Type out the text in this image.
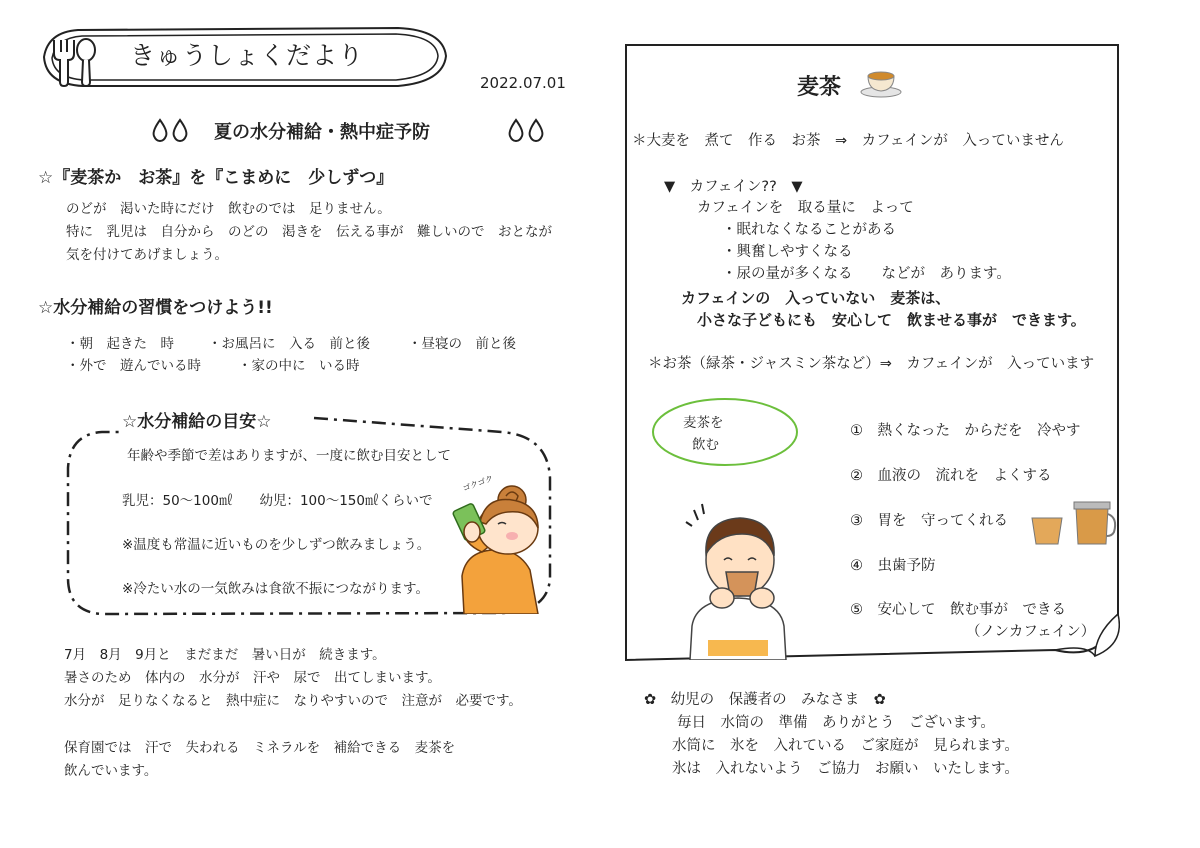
きゅうしょくだより
2022.07.01
夏の水分補給・熱中症予防
☆『麦茶か　お茶』を『こまめに　少しずつ』
のどが　渇いた時にだけ　飲むのでは　足りません。
特に　乳児は　自分から　のどの　渇きを　伝える事が　難しいので　おとなが
気を付けてあげましょう。
☆水分補給の習慣をつけよう!!
・朝　起きた　時	・お風呂に　入る　前と後	・昼寝の　前と後
・外で　遊んでいる時	・家の中に　いる時
☆水分補給の目安☆
年齢や季節で差はありますが、一度に飲む目安として
乳児：50～100㎖　　幼児：100～150㎖くらいで
※温度も常温に近いものを少しずつ飲みましょう。
※冷たい水の一気飲みは食欲不振につながります。
ゴクゴク
7月　8月　9月と　まだまだ　暑い日が　続きます。
暑さのため　体内の　水分が　汗や　尿で　出てしまいます。
水分が　足りなくなると　熱中症に　なりやすいので　注意が　必要です。
保育園では　汗で　失われる　ミネラルを　補給できる　麦茶を
飲んでいます。
麦茶
＊大麦を　煮て　作る　お茶　⇒　カフェインが　入っていません
▼　カフェイン??　▼
カフェインを　取る量に　よって
・眠れなくなることがある
・興奮しやすくなる
・尿の量が多くなる　　などが　あります。
カフェインの　入っていない　麦茶は、
小さな子どもにも　安心して　飲ませる事が　できます。
＊お茶（緑茶・ジャスミン茶など）⇒　カフェインが　入っています
麦茶を
飲む
①　熱くなった　からだを　冷やす
②　血液の　流れを　よくする
③　胃を　守ってくれる
④　虫歯予防
⑤　安心して　飲む事が　できる
（ノンカフェイン）
✿　幼児の　保護者の　みなさま　✿
毎日　水筒の　準備　ありがとう　ございます。
水筒に　氷を　入れている　ご家庭が　見られます。
氷は　入れないよう　ご協力　お願い　いたします。
